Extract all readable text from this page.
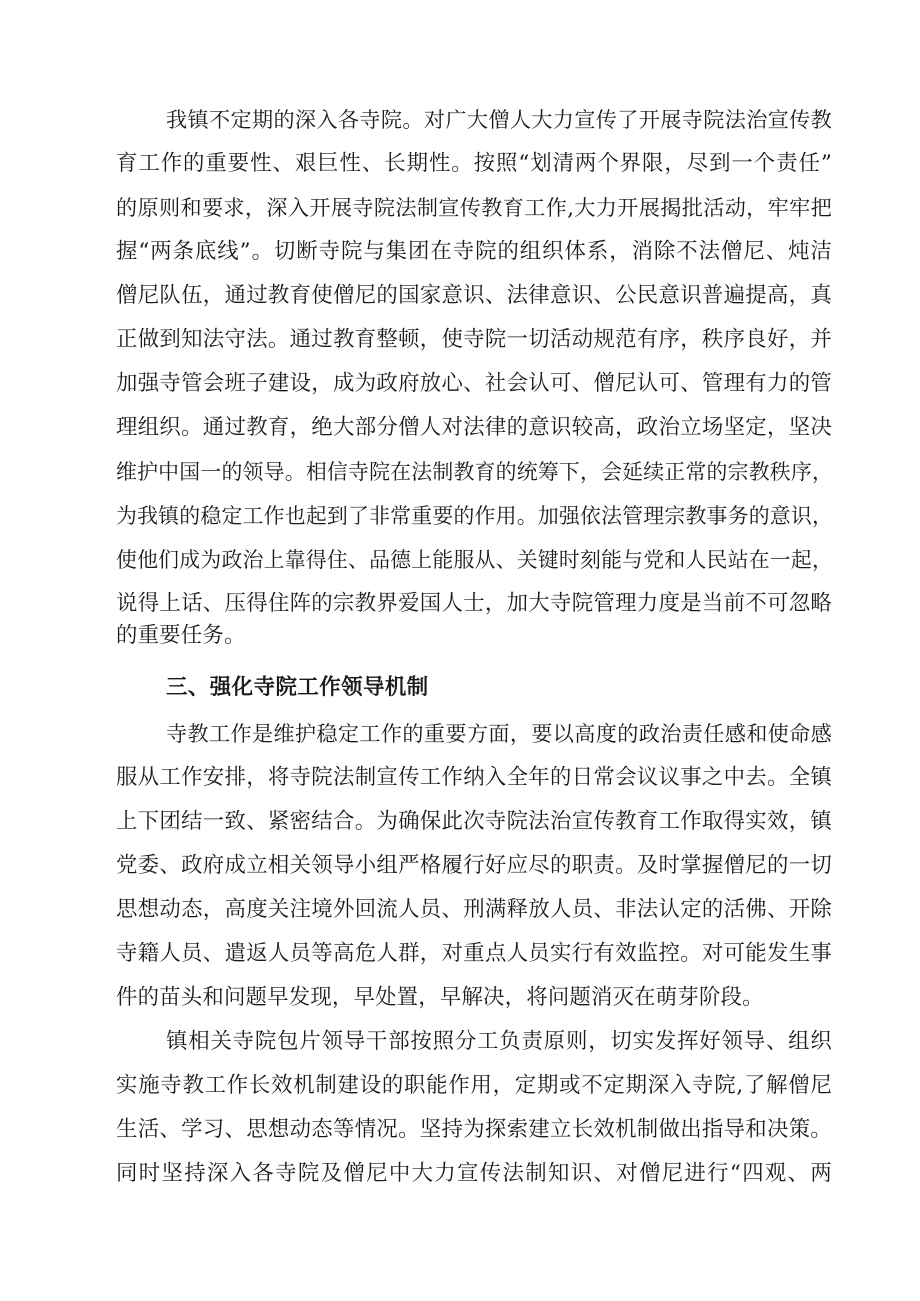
我镇不定期的深入各寺院。对广大僧人大力宣传了开展寺院法治宣传教
育工作的重要性、艰巨性、长期性。按照“划清两个界限，尽到一个责任”
的原则和要求，深入开展寺院法制宣传教育工作,大力开展揭批活动，牢牢把
握“两条底线”。切断寺院与集团在寺院的组织体系，消除不法僧尼、炖洁
僧尼队伍，通过教育使僧尼的国家意识、法律意识、公民意识普遍提高，真
正做到知法守法。通过教育整顿，使寺院一切活动规范有序，秩序良好，并
加强寺管会班子建设，成为政府放心、社会认可、僧尼认可、管理有力的管
理组织。通过教育，绝大部分僧人对法律的意识较高，政治立场坚定，坚决
维护中国一的领导。相信寺院在法制教育的统筹下，会延续正常的宗教秩序，
为我镇的稳定工作也起到了非常重要的作用。加强依法管理宗教事务的意识，
使他们成为政治上靠得住、品德上能服从、关键时刻能与党和人民站在一起，
说得上话、压得住阵的宗教界爱国人士，加大寺院管理力度是当前不可忽略
的重要任务。
三、强化寺院工作领导机制
寺教工作是维护稳定工作的重要方面，要以高度的政治责任感和使命感
服从工作安排，将寺院法制宣传工作纳入全年的日常会议议事之中去。全镇
上下团结一致、紧密结合。为确保此次寺院法治宣传教育工作取得实效，镇
党委、政府成立相关领导小组严格履行好应尽的职责。及时掌握僧尼的一切
思想动态，高度关注境外回流人员、刑满释放人员、非法认定的活佛、开除
寺籍人员、遣返人员等高危人群，对重点人员实行有效监控。对可能发生事
件的苗头和问题早发现，早处置，早解决，将问题消灭在萌芽阶段。
镇相关寺院包片领导干部按照分工负责原则，切实发挥好领导、组织
实施寺教工作长效机制建设的职能作用，定期或不定期深入寺院,了解僧尼
生活、学习、思想动态等情况。坚持为探索建立长效机制做出指导和决策。
同时坚持深入各寺院及僧尼中大力宣传法制知识、对僧尼进行“四观、两
